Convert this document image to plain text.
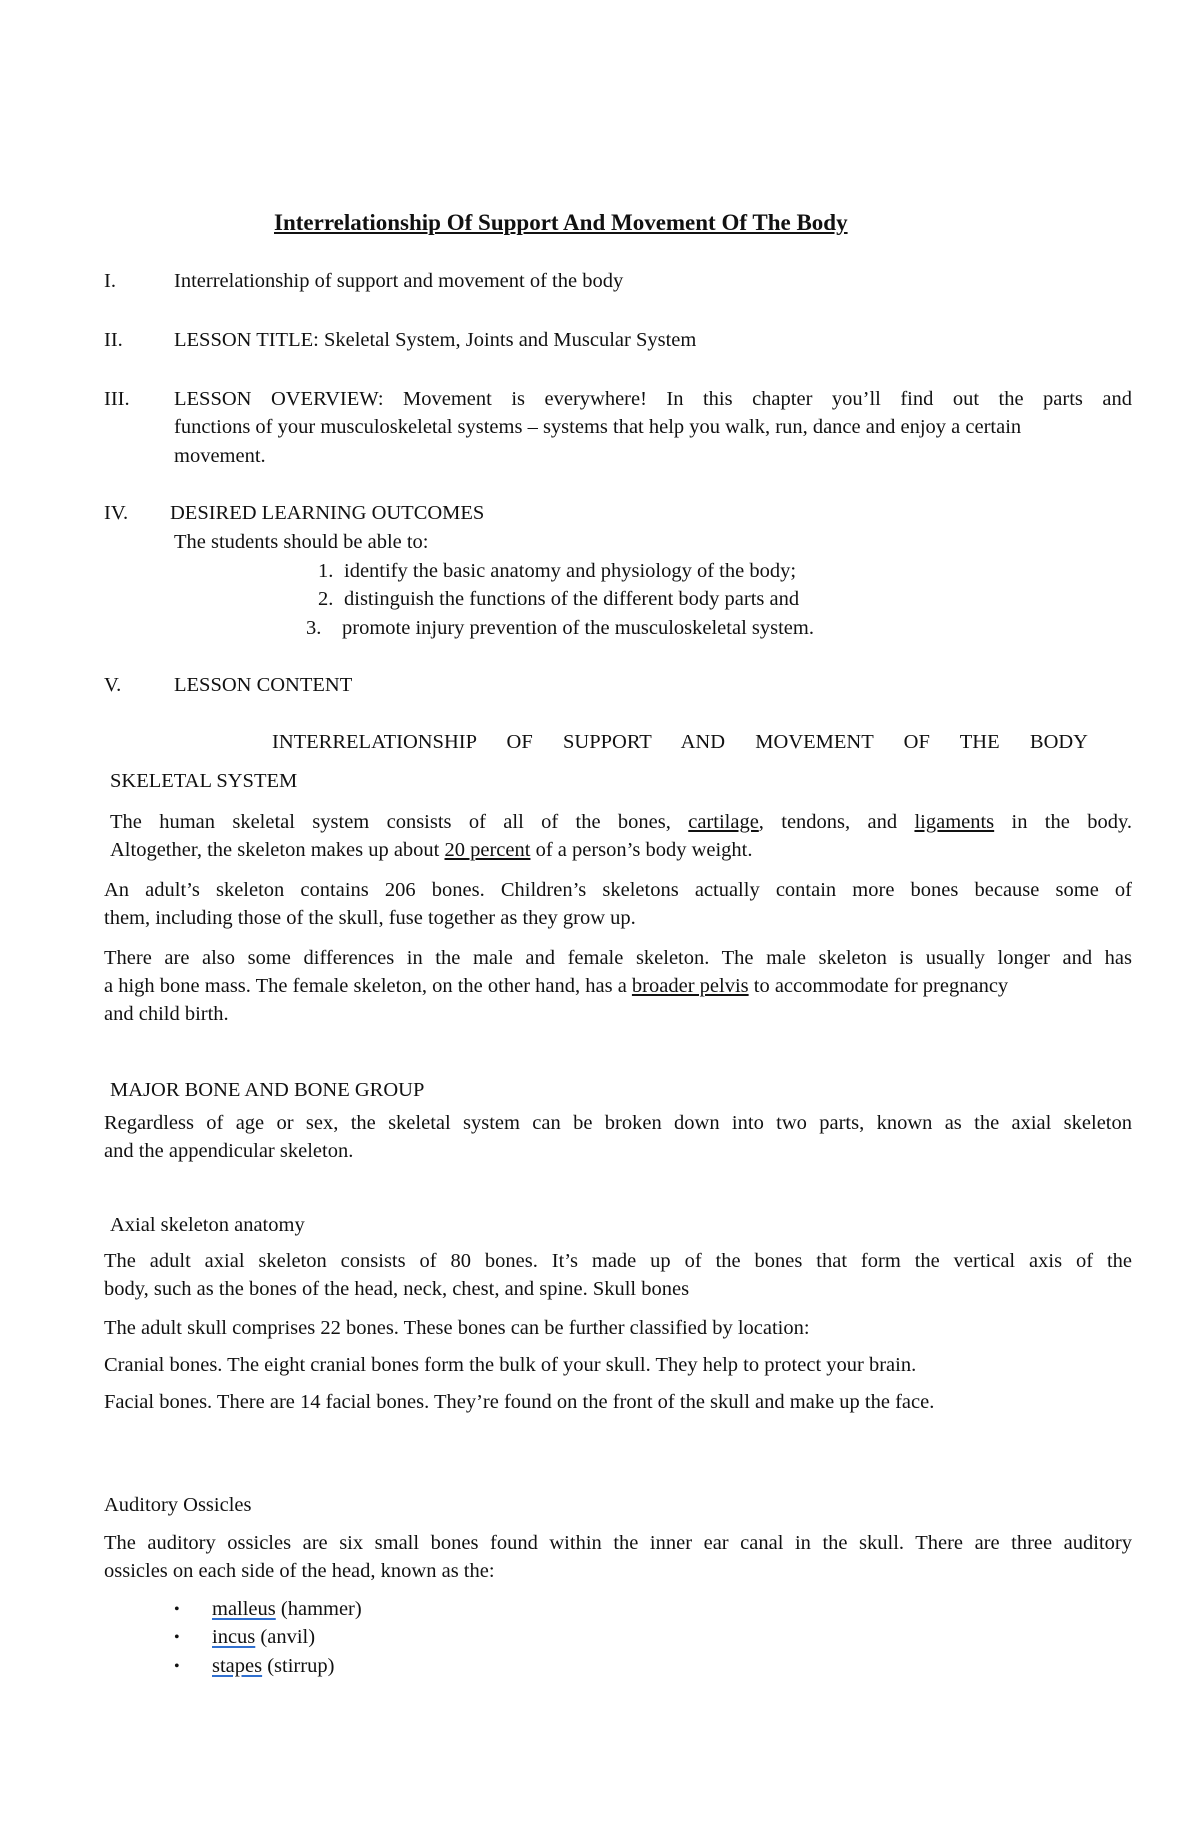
Interrelationship Of Support And Movement Of The Body
I.	Interrelationship of support and movement of the body
II. LESSON TITLE: Skeletal System, Joints and Muscular System
III. LESSON OVERVIEW: Movement is everywhere! In this chapter you’ll find out the parts and
functions of your musculoskeletal systems – systems that help you walk, run, dance and enjoy a certain
movement.
IV. DESIRED LEARNING OUTCOMES
The students should be able to:
1. identify the basic anatomy and physiology of the body;
2. distinguish the functions of the different body parts and
3. promote injury prevention of the musculoskeletal system.
V.	LESSON CONTENT
INTERRELATIONSHIP OF SUPPORT AND MOVEMENT OF THE BODY
SKELETAL SYSTEM
The human skeletal system consists of all of the bones, cartilage, tendons, and ligaments in the body.
Altogether, the skeleton makes up about 20 percent of a person’s body weight.
An adult’s skeleton contains 206 bones. Children’s skeletons actually contain more bones because some of
them, including those of the skull, fuse together as they grow up.
There are also some differences in the male and female skeleton. The male skeleton is usually longer and has
a high bone mass. The female skeleton, on the other hand, has a broader pelvis to accommodate for pregnancy
and child birth.
MAJOR BONE AND BONE GROUP
Regardless of age or sex, the skeletal system can be broken down into two parts, known as the axial skeleton
and the appendicular skeleton.
Axial skeleton anatomy
The adult axial skeleton consists of 80 bones. It’s made up of the bones that form the vertical axis of the
body, such as the bones of the head, neck, chest, and spine. Skull bones
The adult skull comprises 22 bones. These bones can be further classified by location:
Cranial bones. The eight cranial bones form the bulk of your skull. They help to protect your brain.
Facial bones. There are 14 facial bones. They’re found on the front of the skull and make up the face.
Auditory Ossicles
The auditory ossicles are six small bones found within the inner ear canal in the skull. There are three auditory
ossicles on each side of the head, known as the:
• malleus (hammer)
• incus (anvil)
• stapes (stirrup)
